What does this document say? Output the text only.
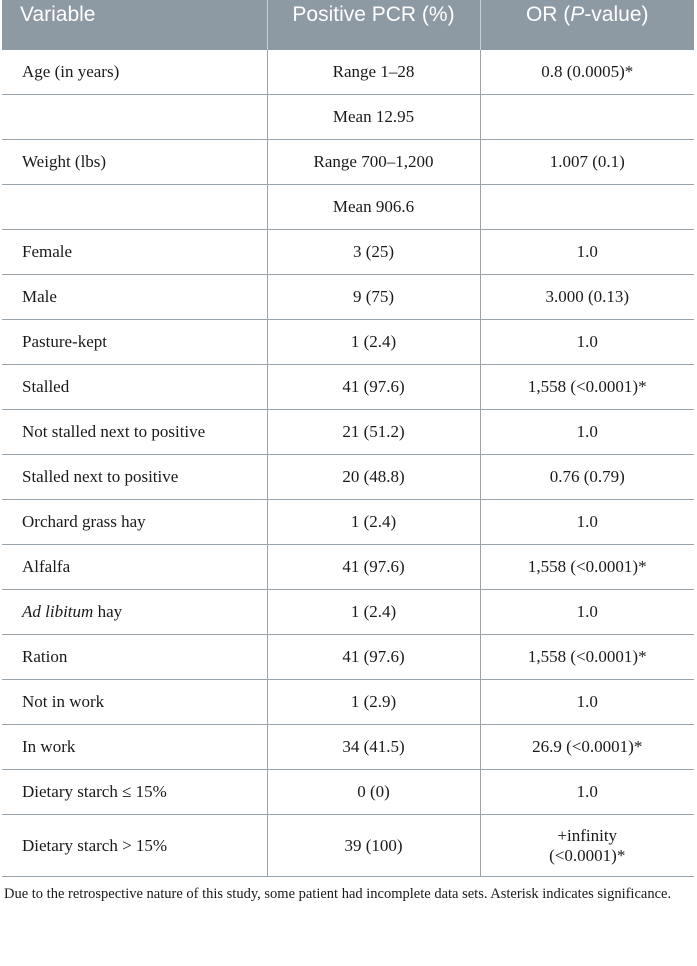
Variable	Positive PCR (%)	OR (P-value)
Age (in years)	Range 1–28	0.8 (0.0005)*
	Mean 12.95	
Weight (lbs)	Range 700–1,200	1.007 (0.1)
	Mean 906.6	
Female	3 (25)	1.0
Male	9 (75)	3.000 (0.13)
Pasture-kept	1 (2.4)	1.0
Stalled	41 (97.6)	1,558 (<0.0001)*
Not stalled next to positive	21 (51.2)	1.0
Stalled next to positive	20 (48.8)	0.76 (0.79)
Orchard grass hay	1 (2.4)	1.0
Alfalfa	41 (97.6)	1,558 (<0.0001)*
Ad libitum hay	1 (2.4)	1.0
Ration	41 (97.6)	1,558 (<0.0001)*
Not in work	1 (2.9)	1.0
In work	34 (41.5)	26.9 (<0.0001)*
Dietary starch ≤ 15%	0 (0)	1.0
Dietary starch > 15%	39 (100)	+infinity
(<0.0001)*
Due to the retrospective nature of this study, some patient had incomplete data sets. Asterisk indicates significance.
